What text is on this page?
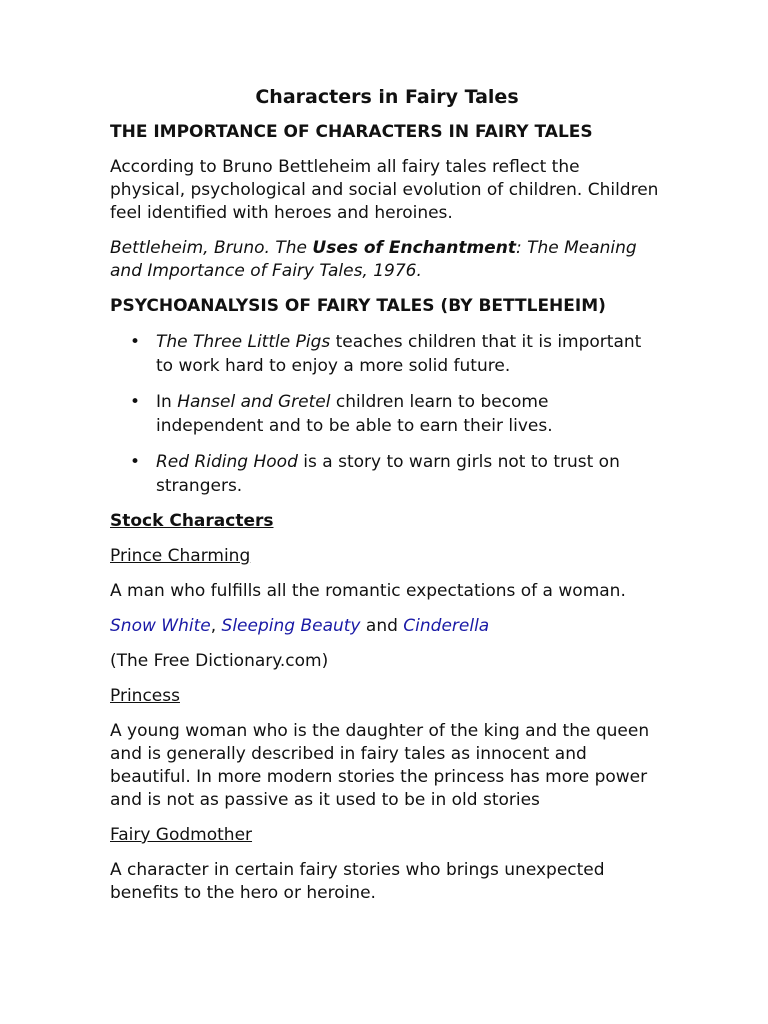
Characters in Fairy Tales
THE IMPORTANCE OF CHARACTERS IN FAIRY TALES

According to Bruno Bettleheim all fairy tales reflect the physical, psychological and social evolution of children. Children feel identified with heroes and heroines.

Bettleheim, Bruno. The Uses of Enchantment: The Meaning and Importance of Fairy Tales, 1976.

PSYCHOANALYSIS OF FAIRY TALES (BY BETTLEHEIM)
• The Three Little Pigs teaches children that it is important to work hard to enjoy a more solid future.
• In Hansel and Gretel children learn to become independent and to be able to earn their lives.
• Red Riding Hood is a story to warn girls not to trust on strangers.
Stock Characters

Prince Charming

A man who fulfills all the romantic expectations of a woman.

Snow White, Sleeping Beauty and Cinderella

(The Free Dictionary.com)

Princess

A young woman who is the daughter of the king and the queen and is generally described in fairy tales as innocent and beautiful. In more modern stories the princess has more power and is not as passive as it used to be in old stories

Fairy Godmother

A character in certain fairy stories who brings unexpected benefits to the hero or heroine.
